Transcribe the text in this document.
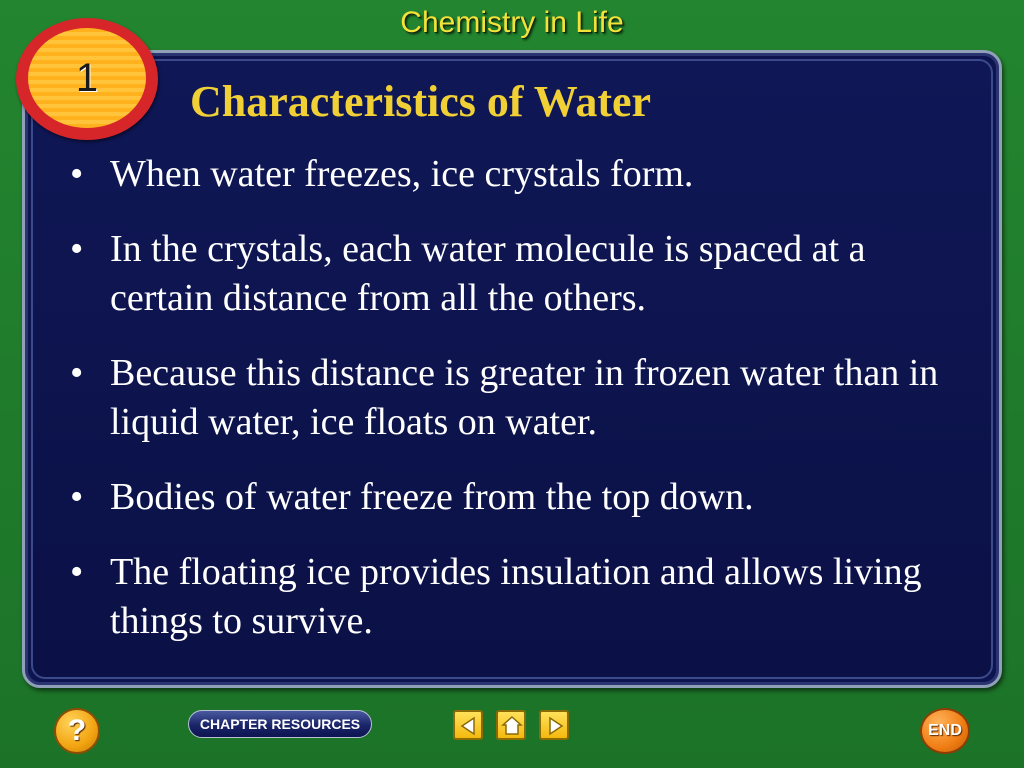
Chemistry in Life
1	Characteristics of Water
• When water freezes, ice crystals form.
• In the crystals, each water molecule is spaced at a certain distance from all the others.
• Because this distance is greater in frozen water than in liquid water, ice floats on water.
• Bodies of water freeze from the top down.
• The floating ice provides insulation and allows living things to survive.
?	CHAPTER RESOURCES	END
